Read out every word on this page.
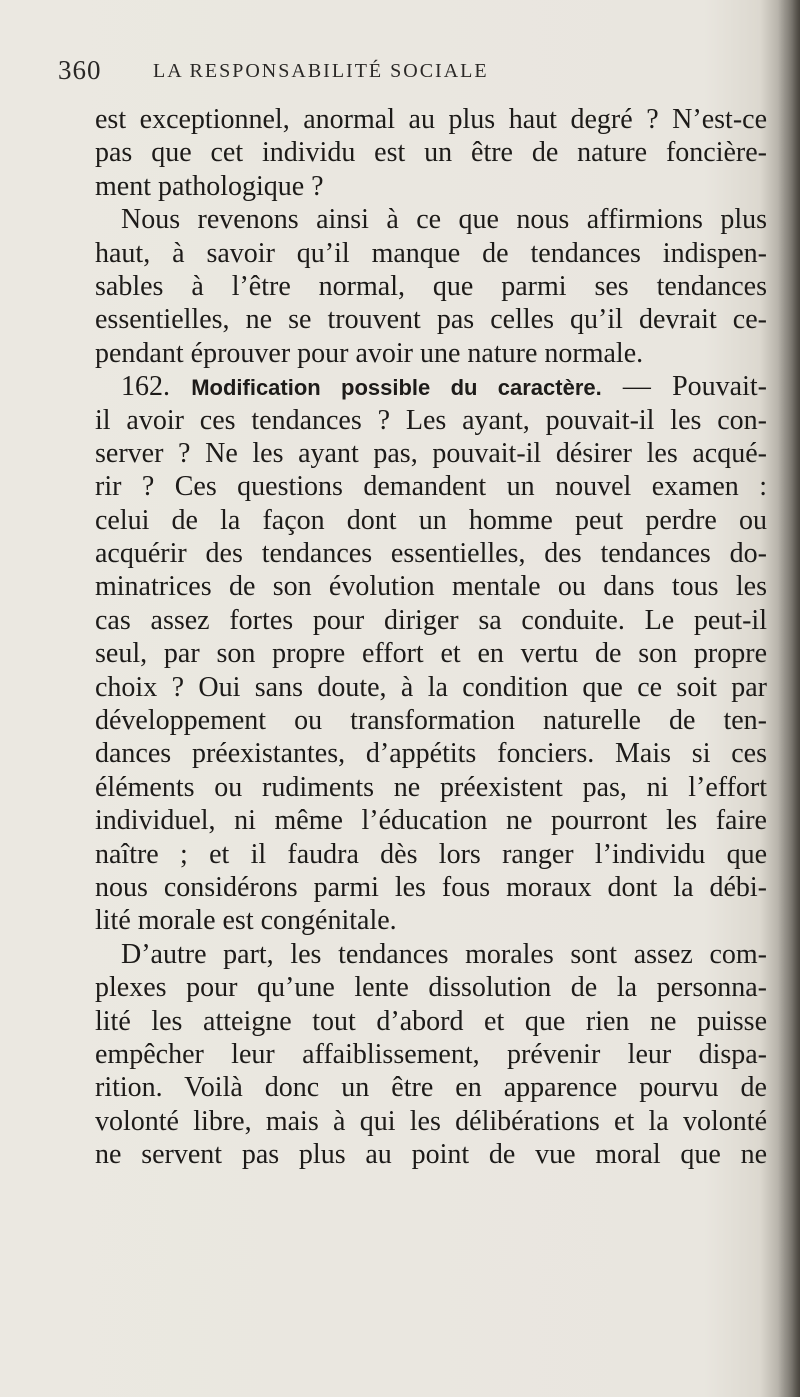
360	LA RESPONSABILITÉ SOCIALE
est exceptionnel, anormal au plus haut degré ? N’est-ce
pas que cet individu est un être de nature foncière-
ment pathologique ?
Nous revenons ainsi à ce que nous affirmions plus
haut, à savoir qu’il manque de tendances indispen-
sables à l’être normal, que parmi ses tendances
essentielles, ne se trouvent pas celles qu’il devrait ce-
pendant éprouver pour avoir une nature normale.
162. Modification possible du caractère. — Pouvait-
il avoir ces tendances ? Les ayant, pouvait-il les con-
server ? Ne les ayant pas, pouvait-il désirer les acqué-
rir ? Ces questions demandent un nouvel examen :
celui de la façon dont un homme peut perdre ou
acquérir des tendances essentielles, des tendances do-
minatrices de son évolution mentale ou dans tous les
cas assez fortes pour diriger sa conduite. Le peut-il
seul, par son propre effort et en vertu de son propre
choix ? Oui sans doute, à la condition que ce soit par
développement ou transformation naturelle de ten-
dances préexistantes, d’appétits fonciers. Mais si ces
éléments ou rudiments ne préexistent pas, ni l’effort
individuel, ni même l’éducation ne pourront les faire
naître ; et il faudra dès lors ranger l’individu que
nous considérons parmi les fous moraux dont la débi-
lité morale est congénitale.
D’autre part, les tendances morales sont assez com-
plexes pour qu’une lente dissolution de la personna-
lité les atteigne tout d’abord et que rien ne puisse
empêcher leur affaiblissement, prévenir leur dispa-
rition. Voilà donc un être en apparence pourvu de
volonté libre, mais à qui les délibérations et la volonté
ne servent pas plus au point de vue moral que ne
